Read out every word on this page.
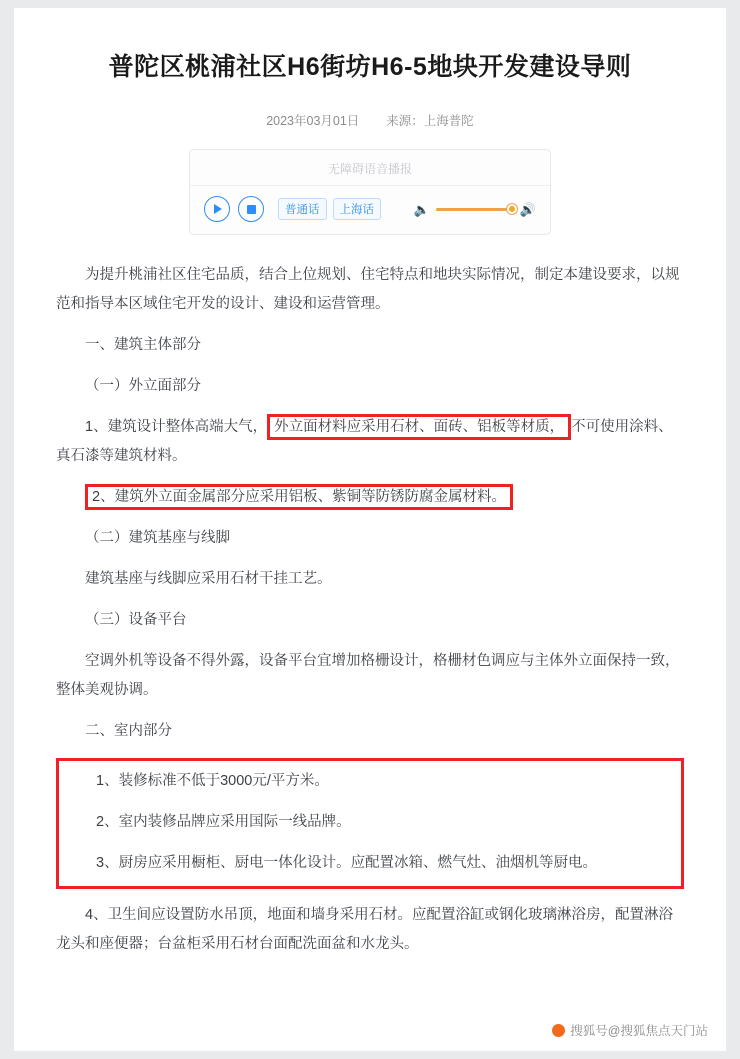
普陀区桃浦社区H6街坊H6-5地块开发建设导则
2023年03月01日 来源：上海普陀
无障碍语音播报
普通话	上海话	🔈	🔊

为提升桃浦社区住宅品质，结合上位规划、住宅特点和地块实际情况，制定本建设要求，以规范和指导本区域住宅开发的设计、建设和运营管理。

一、建筑主体部分

（一）外立面部分

1、建筑设计整体高端大气， 外立面材料应采用石材、面砖、铝板等材质， 不可使用涂料、真石漆等建筑材料。

2、建筑外立面金属部分应采用铝板、紫铜等防锈防腐金属材料。

（二）建筑基座与线脚

建筑基座与线脚应采用石材干挂工艺。

（三）设备平台

空调外机等设备不得外露，设备平台宜增加格栅设计，格栅材色调应与主体外立面保持一致，整体美观协调。

二、室内部分

1、装修标准不低于3000元/平方米。

2、室内装修品牌应采用国际一线品牌。

3、厨房应采用橱柜、厨电一体化设计。应配置冰箱、燃气灶、油烟机等厨电。

4、卫生间应设置防水吊顶，地面和墙身采用石材。应配置浴缸或钢化玻璃淋浴房，配置淋浴龙头和座便器；台盆柜采用石材台面配洗面盆和水龙头。

搜狐号@搜狐焦点天门站
